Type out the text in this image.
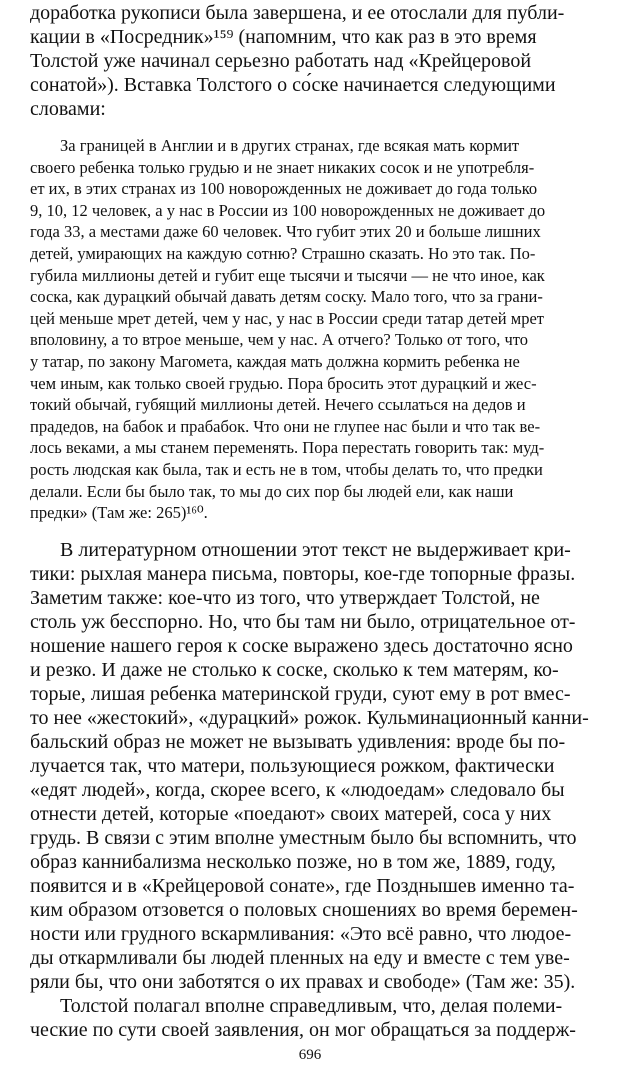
доработка рукописи была завершена, и ее отослали для публи-

кации в «Посредник»¹⁵⁹ (напомним, что как раз в это время

Толстой уже начинал серьезно работать над «Крейцеровой

сонатой»). Вставка Толстого о со́ске начинается следующими

словами:

За границей в Англии и в других странах, где всякая мать кормит

своего ребенка только грудью и не знает никаких сосок и не употребля-

ет их, в этих странах из 100 новорожденных не доживает до года только

9, 10, 12 человек, а у нас в России из 100 новорожденных не доживает до

года 33, а местами даже 60 человек. Что губит этих 20 и больше лишних

детей, умирающих на каждую сотню? Страшно сказать. Но это так. По-

губила миллионы детей и губит еще тысячи и тысячи — не что иное, как

соска, как дурацкий обычай давать детям соску. Мало того, что за грани-

цей меньше мрет детей, чем у нас, у нас в России среди татар детей мрет

вполовину, а то втрое меньше, чем у нас. А отчего? Только от того, что

у татар, по закону Магомета, каждая мать должна кормить ребенка не

чем иным, как только своей грудью. Пора бросить этот дурацкий и жес-

токий обычай, губящий миллионы детей. Нечего ссылаться на дедов и

прадедов, на бабок и прабабок. Что они не глупее нас были и что так ве-

лось веками, а мы станем переменять. Пора перестать говорить так: муд-

рость людская как была, так и есть не в том, чтобы делать то, что предки

делали. Если бы было так, то мы до сих пор бы людей ели, как наши

предки» (Там же: 265)¹⁶⁰.

В литературном отношении этот текст не выдерживает кри-

тики: рыхлая манера письма, повторы, кое-где топорные фразы.

Заметим также: кое-что из того, что утверждает Толстой, не

столь уж бесспорно. Но, что бы там ни было, отрицательное от-

ношение нашего героя к соске выражено здесь достаточно ясно

и резко. И даже не столько к соске, сколько к тем матерям, ко-

торые, лишая ребенка материнской груди, суют ему в рот вмес-

то нее «жестокий», «дурацкий» рожок. Кульминационный канни-

бальский образ не может не вызывать удивления: вроде бы по-

лучается так, что матери, пользующиеся рожком, фактически

«едят людей», когда, скорее всего, к «людоедам» следовало бы

отнести детей, которые «поедают» своих матерей, соса у них

грудь. В связи с этим вполне уместным было бы вспомнить, что

образ каннибализма несколько позже, но в том же, 1889, году,

появится и в «Крейцеровой сонате», где Позднышев именно та-

ким образом отзовется о половых сношениях во время беремен-

ности или грудного вскармливания: «Это всё равно, что людое-

ды откармливали бы людей пленных на еду и вместе с тем уве-

ряли бы, что они заботятся о их правах и свободе» (Там же: 35).

Толстой полагал вполне справедливым, что, делая полеми-

ческие по сути своей заявления, он мог обращаться за поддерж-

696
